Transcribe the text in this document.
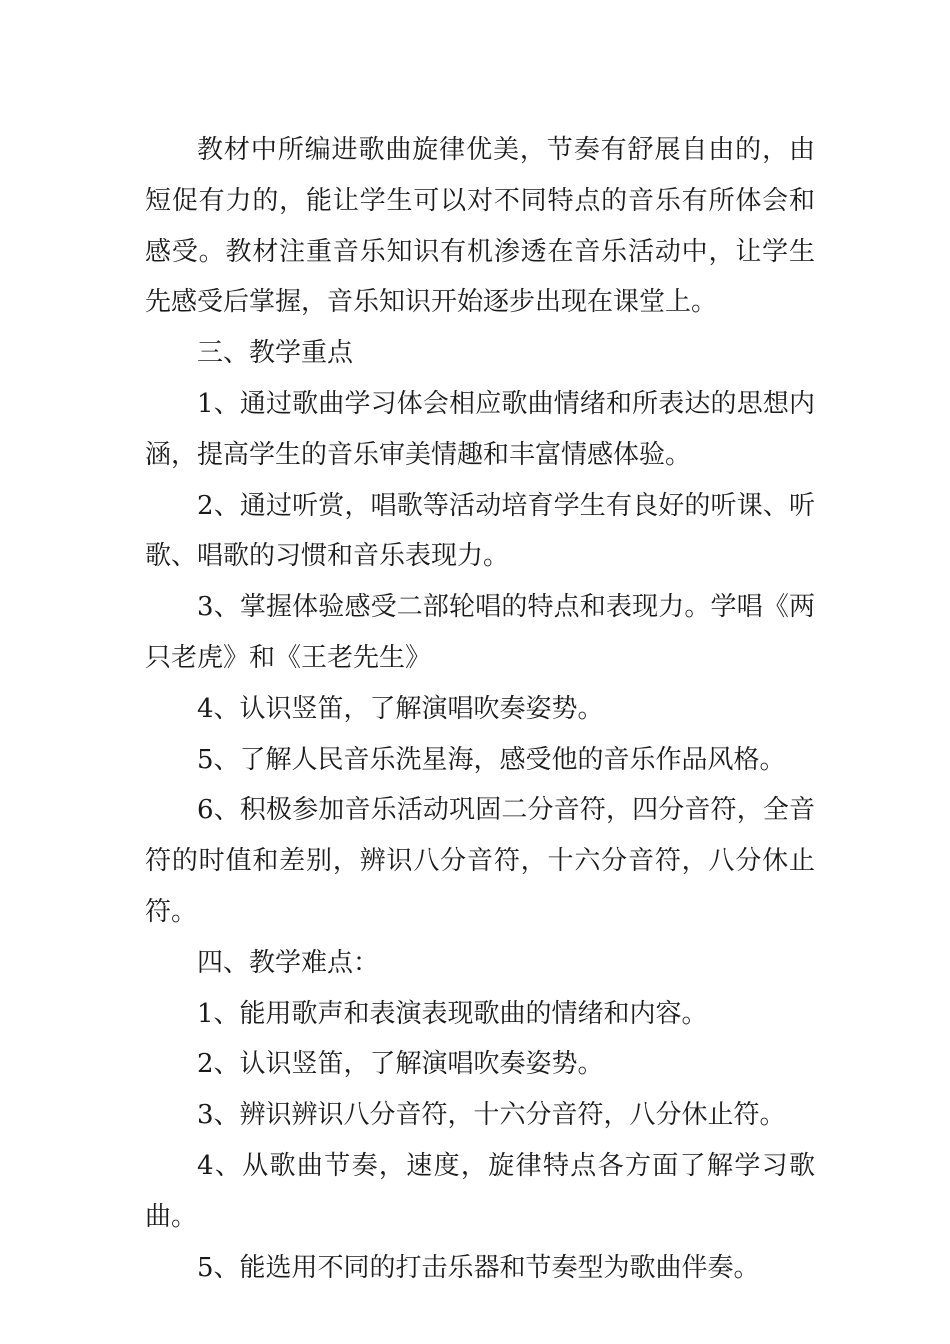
教材中所编进歌曲旋律优美，节奏有舒展自由的，由短促有力的，能让学生可以对不同特点的音乐有所体会和感受。教材注重音乐知识有机渗透在音乐活动中，让学生先感受后掌握，音乐知识开始逐步出现在课堂上。

三、教学重点

1、通过歌曲学习体会相应歌曲情绪和所表达的思想内涵，提高学生的音乐审美情趣和丰富情感体验。

2、通过听赏，唱歌等活动培育学生有良好的听课、听歌、唱歌的习惯和音乐表现力。

3、掌握体验感受二部轮唱的特点和表现力。学唱《两只老虎》和《王老先生》

4、认识竖笛，了解演唱吹奏姿势。

5、了解人民音乐洗星海，感受他的音乐作品风格。

6、积极参加音乐活动巩固二分音符，四分音符，全音符的时值和差别，辨识八分音符，十六分音符，八分休止符。

四、教学难点：

1、能用歌声和表演表现歌曲的情绪和内容。

2、认识竖笛，了解演唱吹奏姿势。

3、辨识辨识八分音符，十六分音符，八分休止符。

4、从歌曲节奏，速度，旋律特点各方面了解学习歌曲。

5、能选用不同的打击乐器和节奏型为歌曲伴奏。
